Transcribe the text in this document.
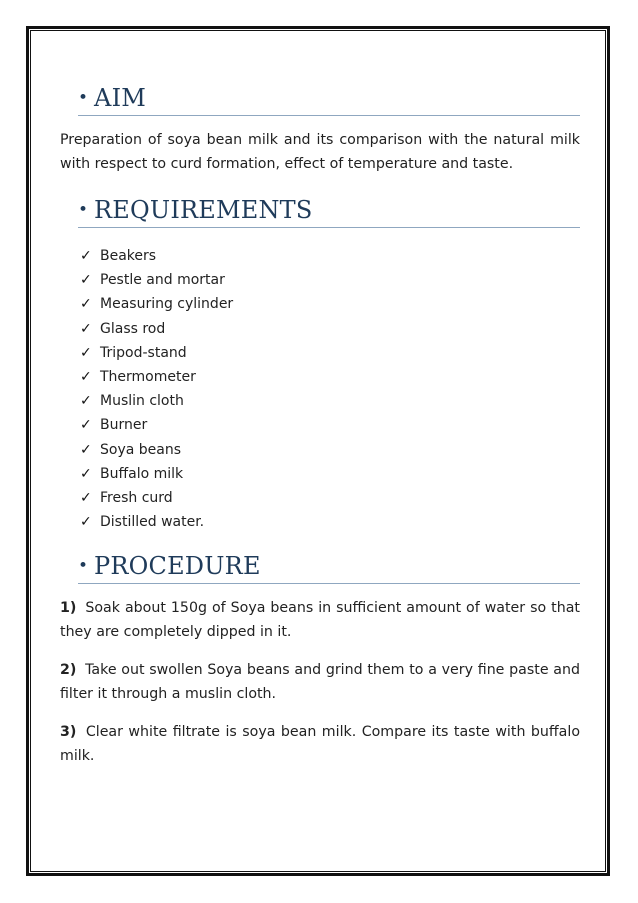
• AIM

Preparation of soya bean milk and its comparison with the natural milk with respect to curd formation, effect of temperature and taste.

• REQUIREMENTS
✓ Beakers
✓ Pestle and mortar
✓ Measuring cylinder
✓ Glass rod
✓ Tripod-stand
✓ Thermometer
✓ Muslin cloth
✓ Burner
✓ Soya beans
✓ Buffalo milk
✓ Fresh curd
✓ Distilled water.
• PROCEDURE

1) Soak about 150g of Soya beans in sufficient amount of water so that they are completely dipped in it.

2) Take out swollen Soya beans and grind them to a very fine paste and filter it through a muslin cloth.

3) Clear white filtrate is soya bean milk. Compare its taste with buffalo milk.
